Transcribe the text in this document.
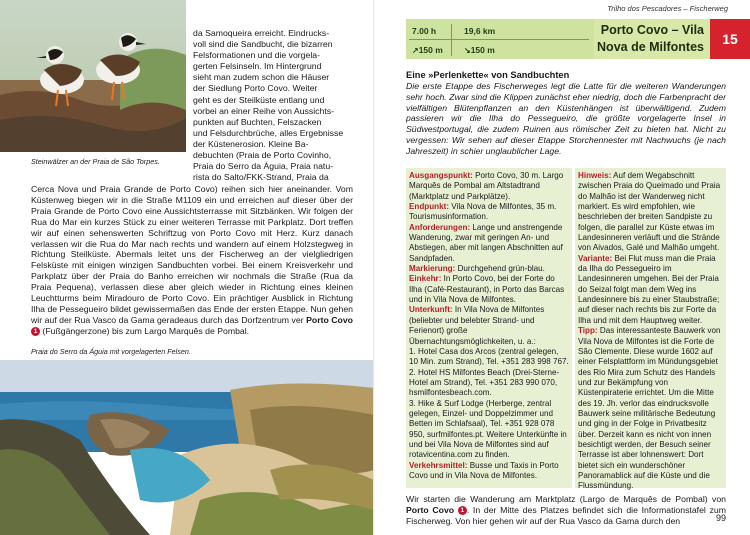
Steinwälzer an der Praia de São Torpes.
da Samoqueira erreicht. Eindrucks-
voll sind die Sandbucht, die bizarren
Felsformationen und die vorgela-
gerten Felsinseln. Im Hintergrund
sieht man zudem schon die Häuser
der Siedlung Porto Covo. Weiter
geht es der Steilküste entlang und
vorbei an einer Reihe von Aussichts-
punkten auf Buchten, Felszacken
und Felsdurchbrüche, alles Ergebnisse
der Küstenerosion. Kleine Ba-
debuchten (Praia de Porto Covinho,
Praia do Serro da Águia, Praia natu-
rista do Salto/FKK-Strand, Praia da
Cerca Nova und Praia Grande de Porto Covo) reihen sich hier aneinander. Vom Küstenweg biegen wir in die Straße M1109 ein und erreichen auf dieser über der Praia Grande de Porto Covo eine Aussichtsterrasse mit Sitzbänken. Wir folgen der Rua do Mar ein kurzes Stück zu einer weiteren Terrasse mit Parkplatz. Dort treffen wir auf einen sehenswerten Schriftzug von Porto Covo mit Herz. Kurz danach verlassen wir die Rua do Mar nach rechts und wandern auf einem Holzstegweg in Richtung Steilküste. Abermals leitet uns der Fischerweg an der vielgliedrigen Felsküste mit einigen winzigen Sandbuchten vorbei. Bei einem Kreisverkehr und Parkplatz über der Praia do Banho erreichen wir nochmals die Straße (Rua da Praia Pequena), verlassen diese aber gleich wieder in Richtung eines kleinen Leuchtturms beim Miradouro de Porto Covo. Ein prächtiger Ausblick in Richtung Ilha de Pessegueiro bildet gewissermaßen das Ende der ersten Etappe. Nun gehen wir auf der Rua Vasco da Gama geradeaus durch das Dorfzentrum ver Porto Covo 1 (Fußgängerzone) bis zum Largo Marquês de Pombal.
Praia do Serro da Águia mit vorgelagerten Felsen.
Trilho dos Pescadores – Fischerweg
7.00 h	19,6 km
↗150 m	↘150 m
Porto Covo – Vila Nova de Milfontes	15
Eine »Perlenkette« von Sandbuchten

Die erste Etappe des Fischerweges legt die Latte für die weiteren Wanderungen sehr hoch. Zwar sind die Klippen zunächst eher niedrig, doch die Farbenpracht der vielfältigen Blütenpflanzen an den Küstenhängen ist überwältigend. Zudem passieren wir die Ilha do Pessegueiro, die größte vorgelagerte Insel in Südwestportugal, die zudem Ruinen aus römischer Zeit zu bieten hat. Nicht zu vergessen: Wir sehen auf dieser Etappe Storchennester mit Nachwuchs (je nach Jahreszeit) in schier unglaublicher Lage.

Ausgangspunkt: Porto Covo, 30 m. Largo Marquês de Pombal am Altstadtrand (Marktplatz und Parkplätze).

Endpunkt: Vila Nova de Milfontes, 35 m. Tourismusinformation.

Anforderungen: Lange und anstrengende Wanderung, zwar mit geringen An- und Abstiegen, aber mit langen Abschnitten auf Sandpfaden.

Markierung: Durchgehend grün-blau.

Einkehr: In Porto Covo, bei der Forte do Ilha (Café-Restaurant), in Porto das Barcas und in Vila Nova de Milfontes.

Unterkunft: In Vila Nova de Milfontes (beliebter und belebter Strand- und Ferienort) große Übernachtungsmöglichkeiten, u. a.:

1. Hotel Casa dos Arcos (zentral gelegen, 10 Min. zum Strand), Tel. +351 283 998 767.

2. Hotel HS Milfontes Beach (Drei-Sterne-Hotel am Strand), Tel. +351 283 990 070, hsmilfontesbeach.com.

3. Hike & Surf Lodge (Herberge, zentral gelegen, Einzel- und Doppelzimmer und Betten im Schlafsaal), Tel. +351 928 078 950, surfmilfontes.pt. Weitere Unterkünfte in und bei Vila Nova de Milfontes sind auf rotavicentina.com zu finden.

Verkehrsmittel: Busse und Taxis in Porto Covo und in Vila Nova de Milfontes.

Hinweis: Auf dem Wegabschnitt zwischen Praia do Queimado und Praia do Malhão ist der Wanderweg nicht markiert. Es wird empfohlen, wie beschrieben der breiten Sandpiste zu folgen, die parallel zur Küste etwas im Landesinneren verläuft und die Strände von Aivados, Galé und Malhão umgeht.

Variante: Bei Flut muss man die Praia da Ilha do Pessegueiro im Landesinneren umgehen. Bei der Praia do Seizal folgt man dem Weg ins Landesinnere bis zu einer Staubstraße; auf dieser nach rechts bis zur Forte da Ilha und mit dem Hauptweg weiter.

Tipp: Das interessanteste Bauwerk von Vila Nova de Milfontes ist die Forte de São Clemente. Diese wurde 1602 auf einer Felsplattform im Mündungsgebiet des Rio Mira zum Schutz des Handels und zur Bekämpfung von Küstenpiraterie errichtet. Um die Mitte des 19. Jh. verlor das eindrucksvolle Bauwerk seine militärische Bedeutung und ging in der Folge in Privatbesitz über. Derzeit kann es nicht von innen besichtigt werden, der Besuch seiner Terrasse ist aber lohnenswert: Dort bietet sich ein wunderschöner Panoramablick auf die Küste und die Flussmündung.

Wir starten die Wanderung am Marktplatz (Largo de Marquês de Pombal) von Porto Covo 1 . In der Mitte des Platzes befindet sich die Informationstafel zum Fischerweg. Von hier gehen wir auf der Rua Vasco da Gama durch den	99
